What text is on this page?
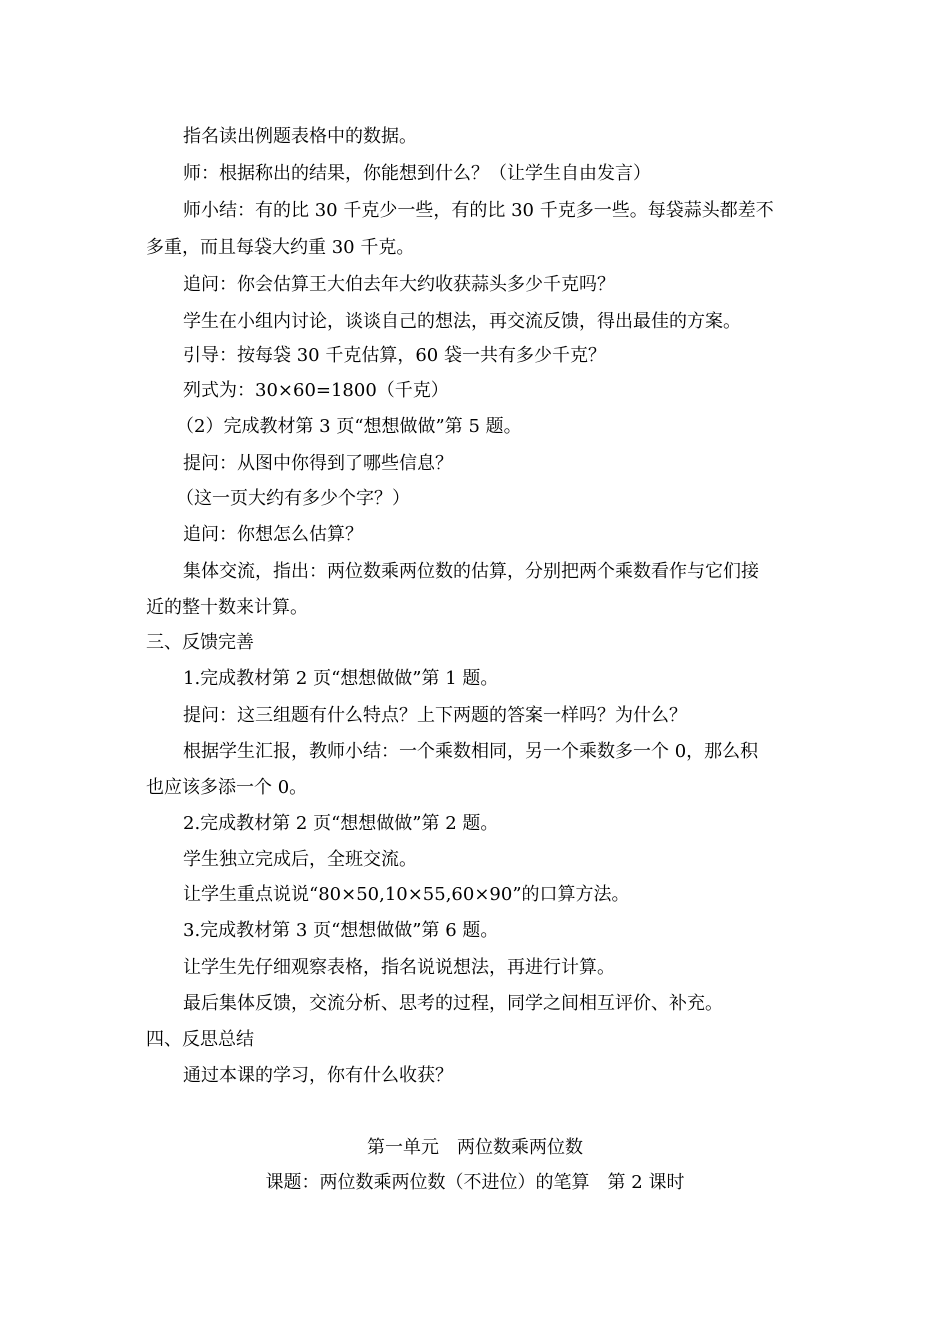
指名读出例题表格中的数据。
师：根据称出的结果，你能想到什么？（让学生自由发言）
师小结：有的比 30 千克少一些，有的比 30 千克多一些。每袋蒜头都差不
多重，而且每袋大约重 30 千克。
追问：你会估算王大伯去年大约收获蒜头多少千克吗？
学生在小组内讨论，谈谈自己的想法，再交流反馈，得出最佳的方案。
引导：按每袋 30 千克估算，60 袋一共有多少千克？
列式为：30×60=1800（千克）
（2）完成教材第 3 页“想想做做”第 5 题。
提问：从图中你得到了哪些信息？
（这一页大约有多少个字？）
追问：你想怎么估算？
集体交流，指出：两位数乘两位数的估算，分别把两个乘数看作与它们接
近的整十数来计算。
三、反馈完善
1.完成教材第 2 页“想想做做”第 1 题。
提问：这三组题有什么特点？上下两题的答案一样吗？为什么？
根据学生汇报，教师小结：一个乘数相同，另一个乘数多一个 0，那么积
也应该多添一个 0。
2.完成教材第 2 页“想想做做”第 2 题。
学生独立完成后，全班交流。
让学生重点说说“80×50,10×55,60×90”的口算方法。
3.完成教材第 3 页“想想做做”第 6 题。
让学生先仔细观察表格，指名说说想法，再进行计算。
最后集体反馈，交流分析、思考的过程，同学之间相互评价、补充。
四、反思总结
通过本课的学习，你有什么收获？
第一单元　两位数乘两位数
课题：两位数乘两位数（不进位）的笔算　第 2 课时
